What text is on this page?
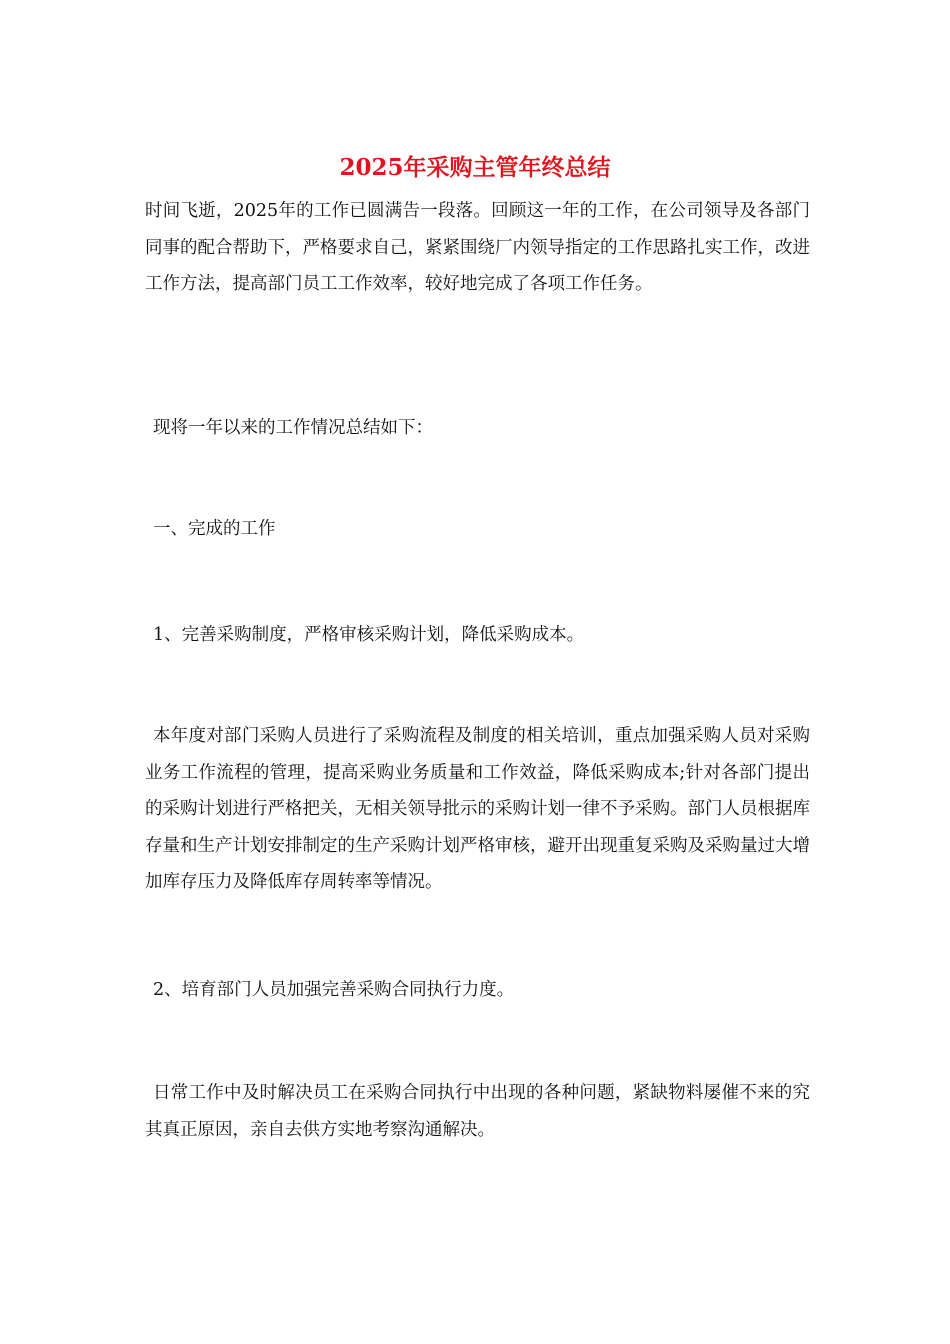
2025年采购主管年终总结

时间飞逝，2025年的工作已圆满告一段落。回顾这一年的工作，在公司领导及各部门同事的配合帮助下，严格要求自己，紧紧围绕厂内领导指定的工作思路扎实工作，改进工作方法，提高部门员工工作效率，较好地完成了各项工作任务。

现将一年以来的工作情况总结如下：

一、完成的工作

1、完善采购制度，严格审核采购计划，降低采购成本。

本年度对部门采购人员进行了采购流程及制度的相关培训，重点加强采购人员对采购业务工作流程的管理，提高采购业务质量和工作效益，降低采购成本;针对各部门提出的采购计划进行严格把关，无相关领导批示的采购计划一律不予采购。部门人员根据库存量和生产计划安排制定的生产采购计划严格审核，避开出现重复采购及采购量过大增加库存压力及降低库存周转率等情况。

2、培育部门人员加强完善采购合同执行力度。

日常工作中及时解决员工在采购合同执行中出现的各种问题，紧缺物料屡催不来的究其真正原因，亲自去供方实地考察沟通解决。
